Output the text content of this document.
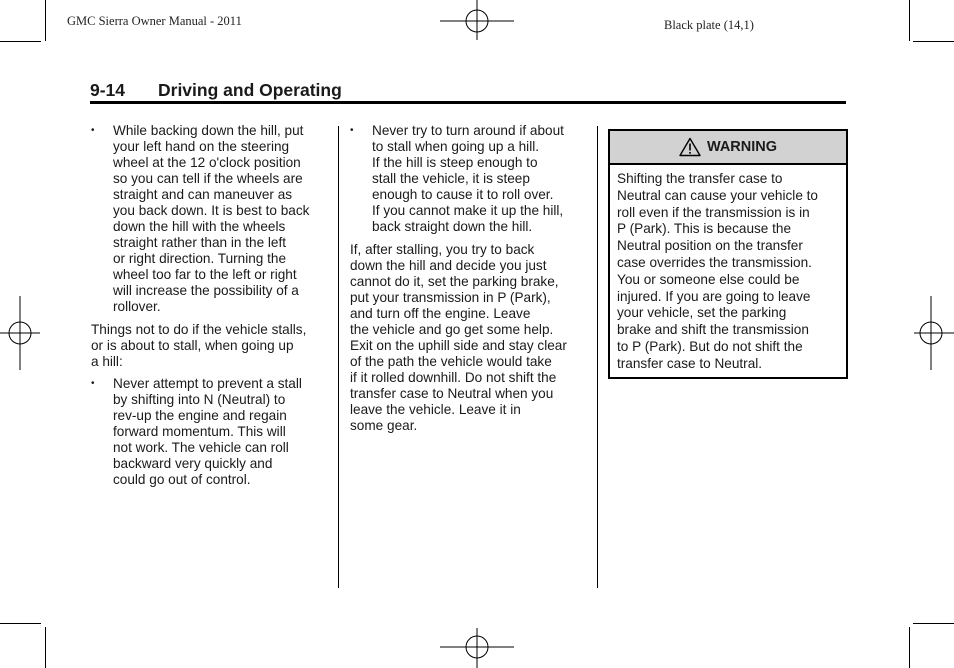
GMC Sierra Owner Manual - 2011	Black plate (14,1)
9-14 Driving and Operating
• While backing down the hill, put
your left hand on the steering
wheel at the 12 o'clock position
so you can tell if the wheels are
straight and can maneuver as
you back down. It is best to back
down the hill with the wheels
straight rather than in the left
or right direction. Turning the
wheel too far to the left or right
will increase the possibility of a
rollover.
Things not to do if the vehicle stalls,
or is about to stall, when going up
a hill:
• Never attempt to prevent a stall
by shifting into N (Neutral) to
rev-up the engine and regain
forward momentum. This will
not work. The vehicle can roll
backward very quickly and
could go out of control.
• Never try to turn around if about
to stall when going up a hill.
If the hill is steep enough to
stall the vehicle, it is steep
enough to cause it to roll over.
If you cannot make it up the hill,
back straight down the hill.
If, after stalling, you try to back
down the hill and decide you just
cannot do it, set the parking brake,
put your transmission in P (Park),
and turn off the engine. Leave
the vehicle and go get some help.
Exit on the uphill side and stay clear
of the path the vehicle would take
if it rolled downhill. Do not shift the
transfer case to Neutral when you
leave the vehicle. Leave it in
some gear.
WARNING
Shifting the transfer case to
Neutral can cause your vehicle to
roll even if the transmission is in
P (Park). This is because the
Neutral position on the transfer
case overrides the transmission.
You or someone else could be
injured. If you are going to leave
your vehicle, set the parking
brake and shift the transmission
to P (Park). But do not shift the
transfer case to Neutral.
